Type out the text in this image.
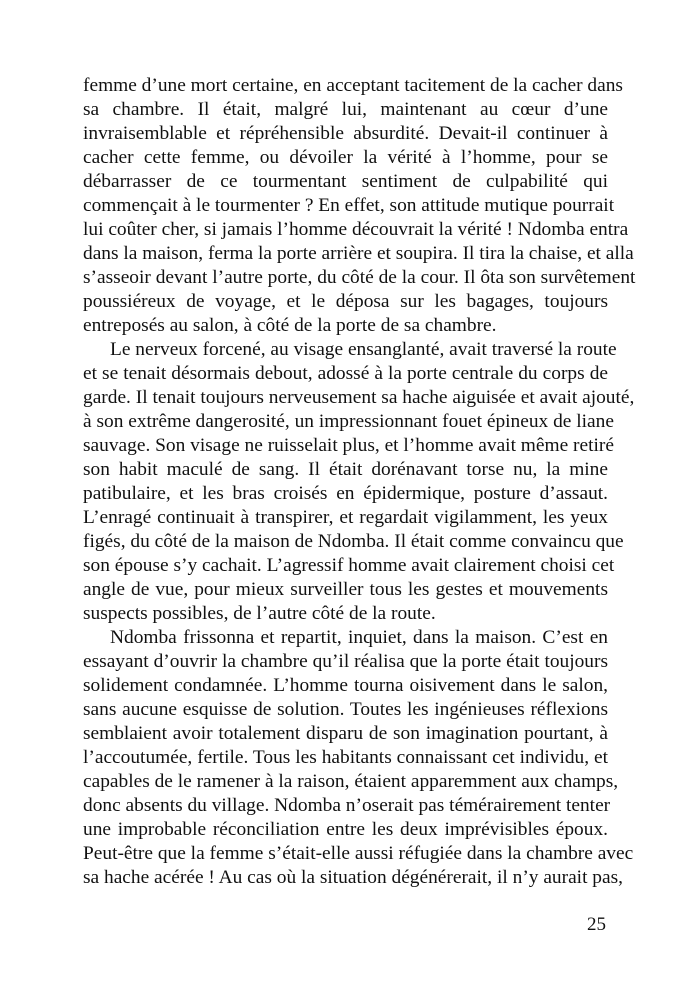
femme d’une mort certaine, en acceptant tacitement de la cacher dans
sa chambre. Il était, malgré lui, maintenant au cœur d’une
invraisemblable et répréhensible absurdité. Devait-il continuer à
cacher cette femme, ou dévoiler la vérité à l’homme, pour se
débarrasser de ce tourmentant sentiment de culpabilité qui
commençait à le tourmenter ? En effet, son attitude mutique pourrait
lui coûter cher, si jamais l’homme découvrait la vérité ! Ndomba entra
dans la maison, ferma la porte arrière et soupira. Il tira la chaise, et alla
s’asseoir devant l’autre porte, du côté de la cour. Il ôta son survêtement
poussiéreux de voyage, et le déposa sur les bagages, toujours
entreposés au salon, à côté de la porte de sa chambre.
Le nerveux forcené, au visage ensanglanté, avait traversé la route
et se tenait désormais debout, adossé à la porte centrale du corps de
garde. Il tenait toujours nerveusement sa hache aiguisée et avait ajouté,
à son extrême dangerosité, un impressionnant fouet épineux de liane
sauvage. Son visage ne ruisselait plus, et l’homme avait même retiré
son habit maculé de sang. Il était dorénavant torse nu, la mine
patibulaire, et les bras croisés en épidermique, posture d’assaut.
L’enragé continuait à transpirer, et regardait vigilamment, les yeux
figés, du côté de la maison de Ndomba. Il était comme convaincu que
son épouse s’y cachait. L’agressif homme avait clairement choisi cet
angle de vue, pour mieux surveiller tous les gestes et mouvements
suspects possibles, de l’autre côté de la route.
Ndomba frissonna et repartit, inquiet, dans la maison. C’est en
essayant d’ouvrir la chambre qu’il réalisa que la porte était toujours
solidement condamnée. L’homme tourna oisivement dans le salon,
sans aucune esquisse de solution. Toutes les ingénieuses réflexions
semblaient avoir totalement disparu de son imagination pourtant, à
l’accoutumée, fertile. Tous les habitants connaissant cet individu, et
capables de le ramener à la raison, étaient apparemment aux champs,
donc absents du village. Ndomba n’oserait pas témérairement tenter
une improbable réconciliation entre les deux imprévisibles époux.
Peut-être que la femme s’était-elle aussi réfugiée dans la chambre avec
sa hache acérée ! Au cas où la situation dégénérerait, il n’y aurait pas,
25
